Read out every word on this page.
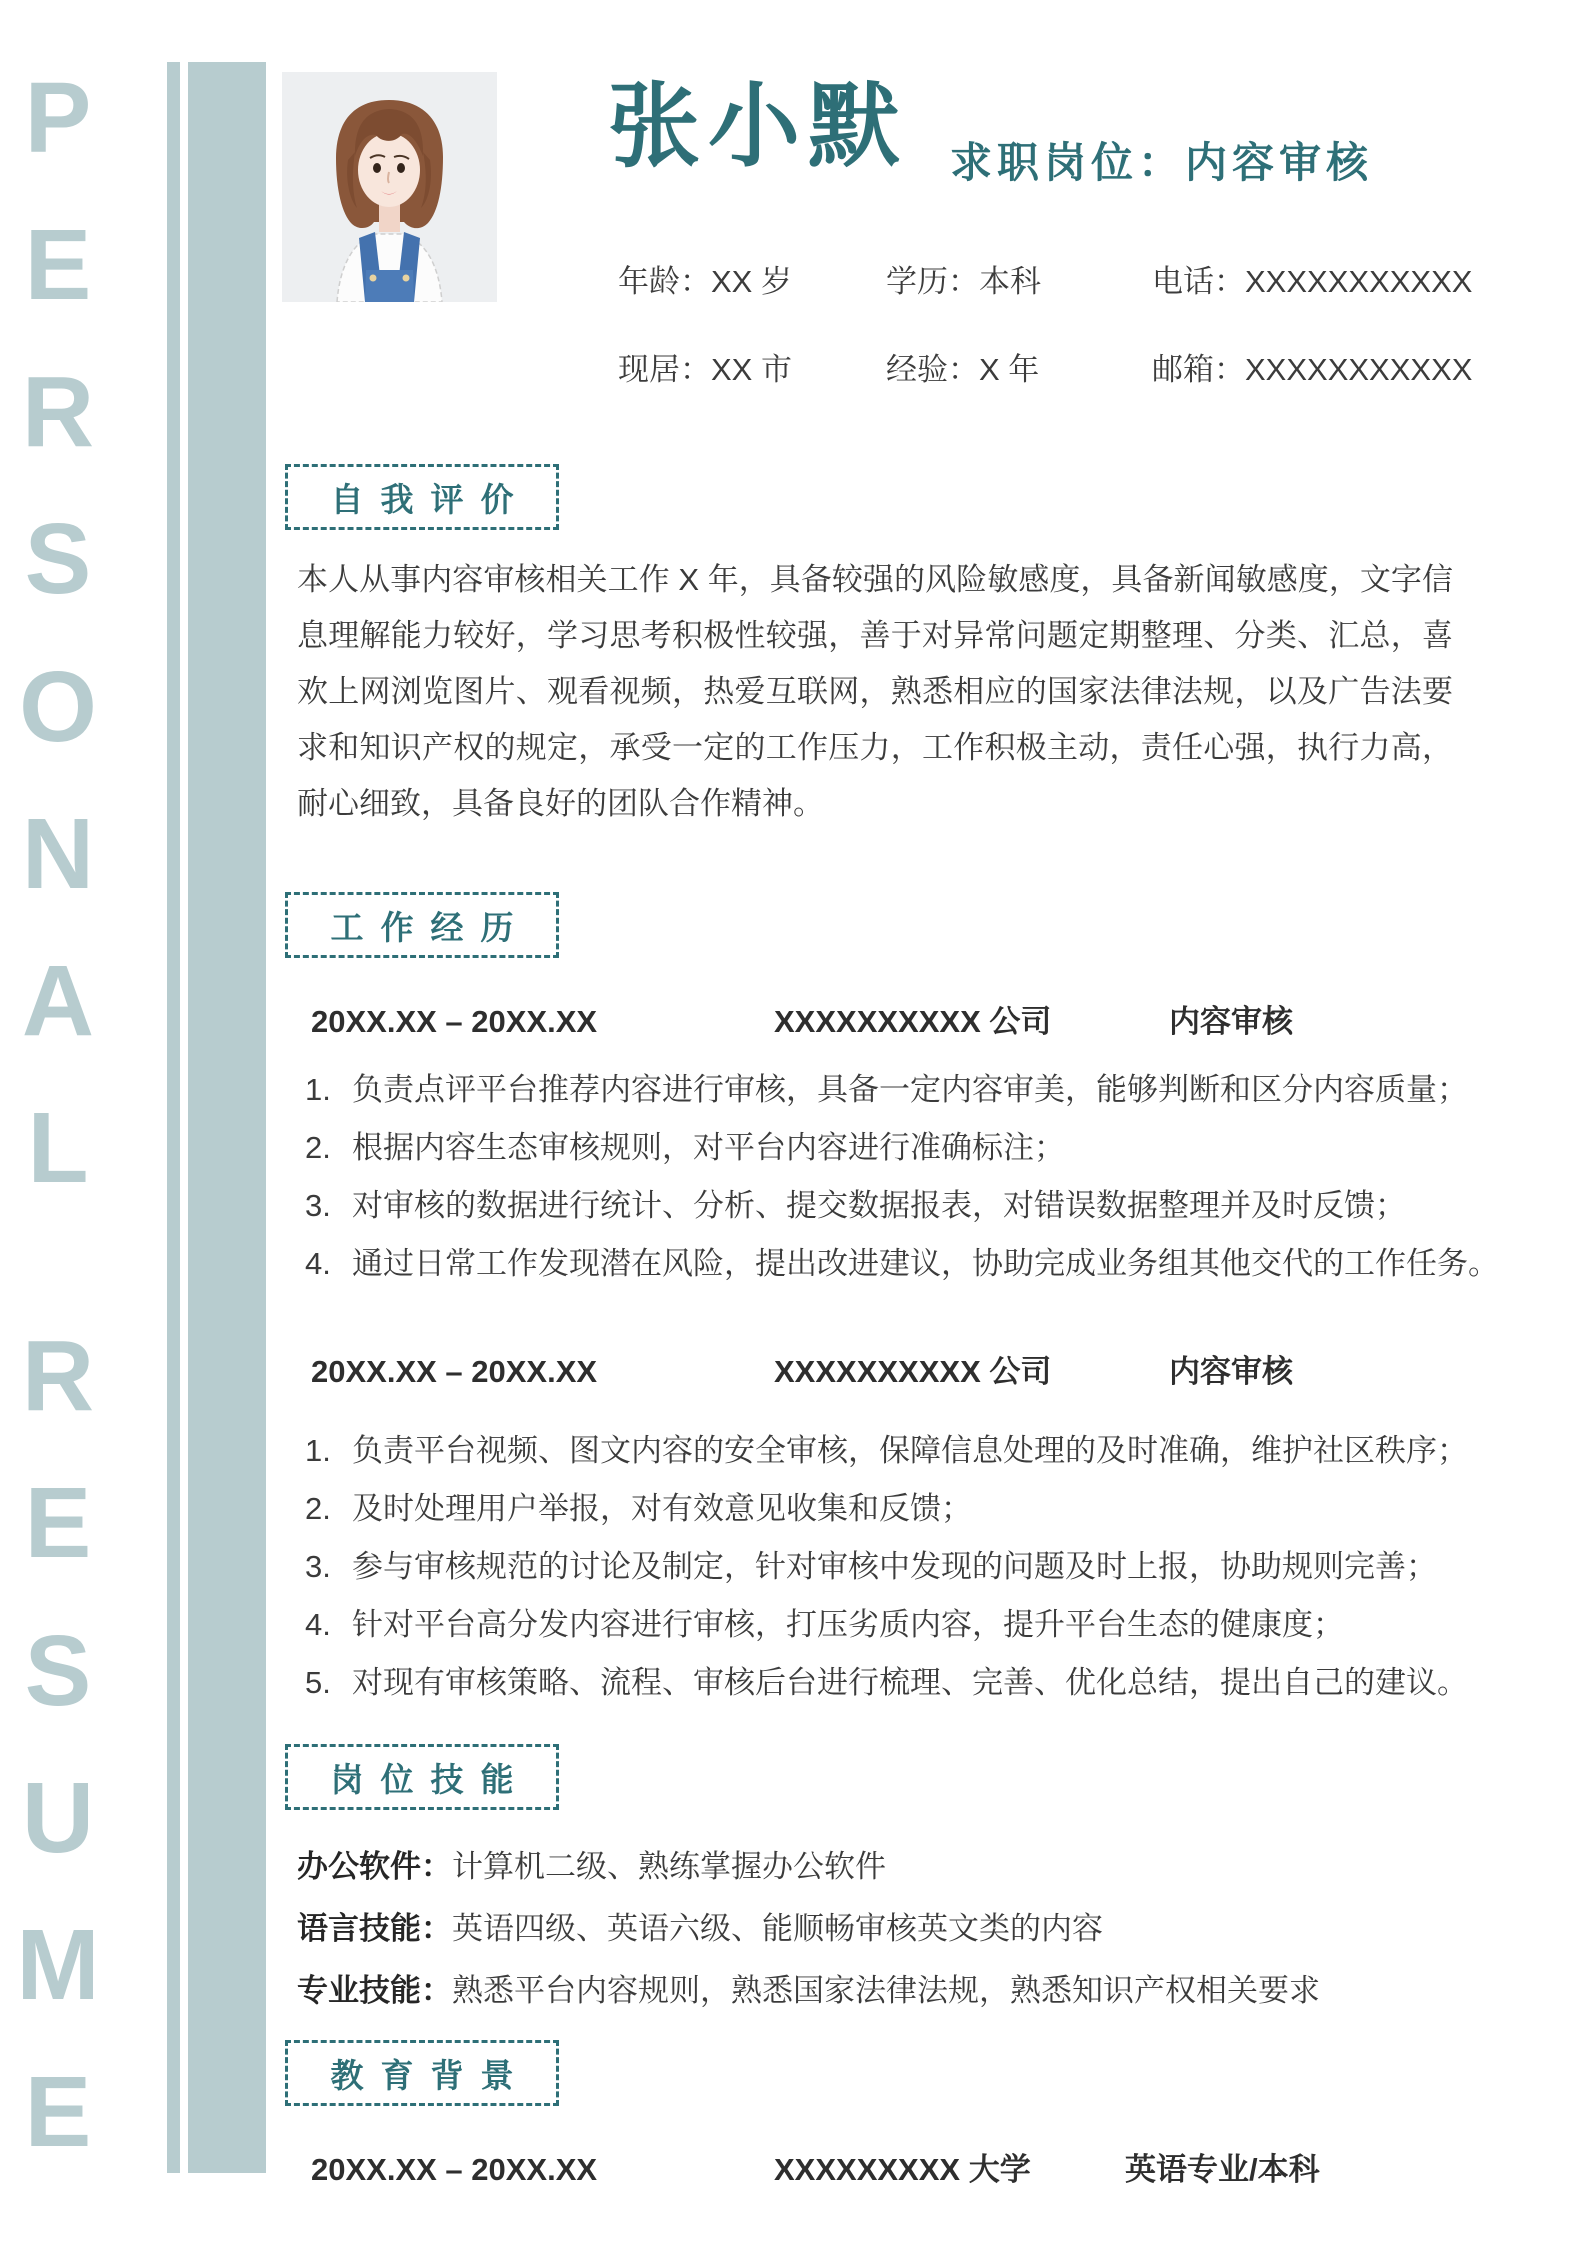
P
E
R
S
O
N
A
L
R
E
S
U
M
E
张小默 求职岗位：内容审核
年龄：XX 岁	学历：本科	电话：XXXXXXXXXXX
现居：XX 市	经验：X 年	邮箱：XXXXXXXXXXX
自我评价
本人从事内容审核相关工作 X 年，具备较强的风险敏感度，具备新闻敏感度，文字信息理解能力较好，学习思考积极性较强，善于对异常问题定期整理、分类、汇总，喜欢上网浏览图片、观看视频，热爱互联网，熟悉相应的国家法律法规，以及广告法要求和知识产权的规定，承受一定的工作压力，工作积极主动，责任心强，执行力高，耐心细致，具备良好的团队合作精神。
工作经历
20XX.XX – 20XX.XX	XXXXXXXXXX 公司	内容审核
负责点评平台推荐内容进行审核，具备一定内容审美，能够判断和区分内容质量；
根据内容生态审核规则，对平台内容进行准确标注；
对审核的数据进行统计、分析、提交数据报表，对错误数据整理并及时反馈；
通过日常工作发现潜在风险，提出改进建议，协助完成业务组其他交代的工作任务。
20XX.XX – 20XX.XX	XXXXXXXXXX 公司	内容审核
负责平台视频、图文内容的安全审核，保障信息处理的及时准确，维护社区秩序；
及时处理用户举报，对有效意见收集和反馈；
参与审核规范的讨论及制定，针对审核中发现的问题及时上报，协助规则完善；
针对平台高分发内容进行审核，打压劣质内容，提升平台生态的健康度；
对现有审核策略、流程、审核后台进行梳理、完善、优化总结，提出自己的建议。
岗位技能
办公软件：计算机二级、熟练掌握办公软件
语言技能：英语四级、英语六级、能顺畅审核英文类的内容
专业技能：熟悉平台内容规则，熟悉国家法律法规，熟悉知识产权相关要求
教育背景
20XX.XX – 20XX.XX	XXXXXXXXX 大学	英语专业/本科
